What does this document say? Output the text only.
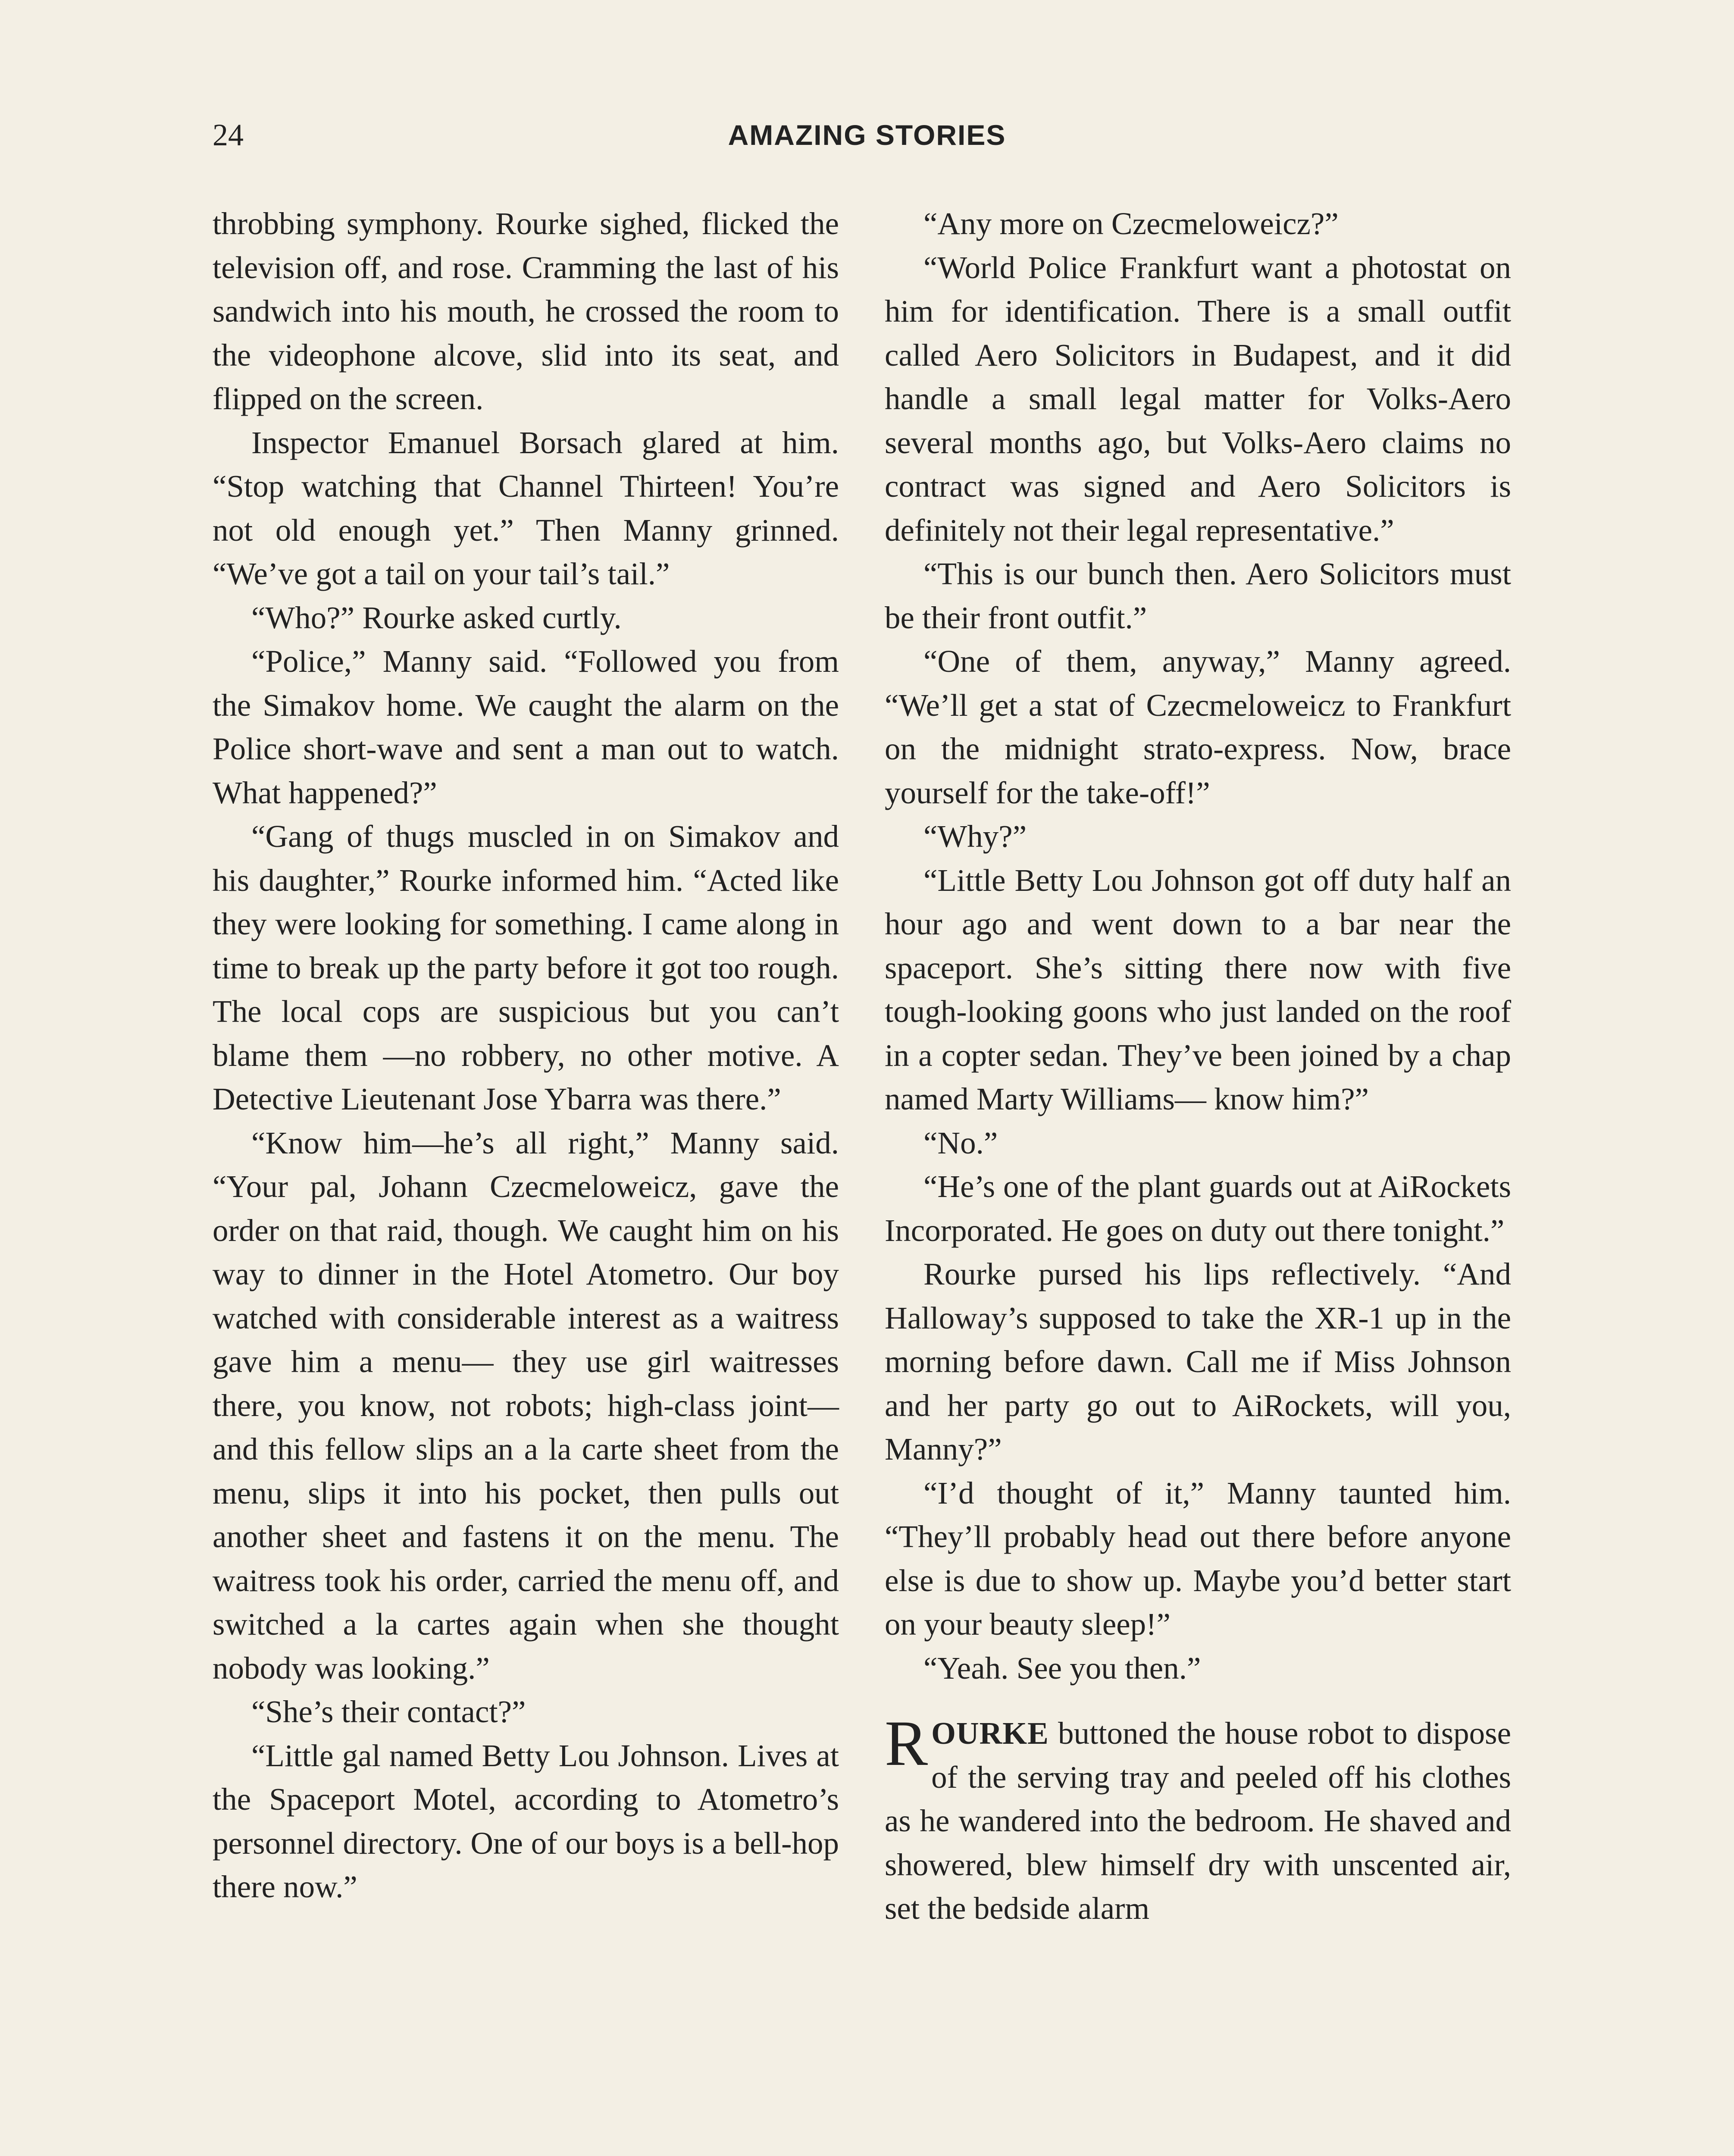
24	AMAZING STORIES

throbbing symphony. Rourke sighed, flicked the television off, and rose. Cramming the last of his sandwich into his mouth, he crossed the room to the videophone alcove, slid into its seat, and flipped on the screen.

Inspector Emanuel Borsach glared at him. “Stop watching that Channel Thirteen! You’re not old enough yet.” Then Manny grinned. “We’ve got a tail on your tail’s tail.”

“Who?” Rourke asked curtly.

“Police,” Manny said. “Followed you from the Simakov home. We caught the alarm on the Police short-wave and sent a man out to watch. What happened?”

“Gang of thugs muscled in on Simakov and his daughter,” Rourke informed him. “Acted like they were looking for something. I came along in time to break up the party before it got too rough. The local cops are suspicious but you can’t blame them —no robbery, no other motive. A Detective Lieutenant Jose Ybarra was there.”

“Know him—he’s all right,” Manny said. “Your pal, Johann Czecmeloweicz, gave the order on that raid, though. We caught him on his way to dinner in the Hotel Atometro. Our boy watched with considerable interest as a waitress gave him a menu— they use girl waitresses there, you know, not robots; high-class joint— and this fellow slips an a la carte sheet from the menu, slips it into his pocket, then pulls out another sheet and fastens it on the menu. The waitress took his order, carried the menu off, and switched a la cartes again when she thought nobody was looking.”

“She’s their contact?”

“Little gal named Betty Lou Johnson. Lives at the Spaceport Motel, according to Atometro’s personnel directory. One of our boys is a bell-hop there now.”

“Any more on Czecmeloweicz?”

“World Police Frankfurt want a photostat on him for identification. There is a small outfit called Aero Solicitors in Budapest, and it did handle a small legal matter for Volks-Aero several months ago, but Volks-Aero claims no contract was signed and Aero Solicitors is definitely not their legal representative.”

“This is our bunch then. Aero Solicitors must be their front outfit.”

“One of them, anyway,” Manny agreed. “We’ll get a stat of Czecmeloweicz to Frankfurt on the midnight strato-express. Now, brace yourself for the take-off!”

“Why?”

“Little Betty Lou Johnson got off duty half an hour ago and went down to a bar near the spaceport. She’s sitting there now with five tough-looking goons who just landed on the roof in a copter sedan. They’ve been joined by a chap named Marty Williams— know him?”

“No.”

“He’s one of the plant guards out at AiRockets Incorporated. He goes on duty out there tonight.”

Rourke pursed his lips reflectively. “And Halloway’s supposed to take the XR-1 up in the morning before dawn. Call me if Miss Johnson and her party go out to AiRockets, will you, Manny?”

“I’d thought of it,” Manny taunted him. “They’ll probably head out there before anyone else is due to show up. Maybe you’d better start on your beauty sleep!”

“Yeah. See you then.”

ROURKE buttoned the house robot to dispose of the serving tray and peeled off his clothes as he wandered into the bedroom. He shaved and showered, blew himself dry with unscented air, set the bedside alarm
